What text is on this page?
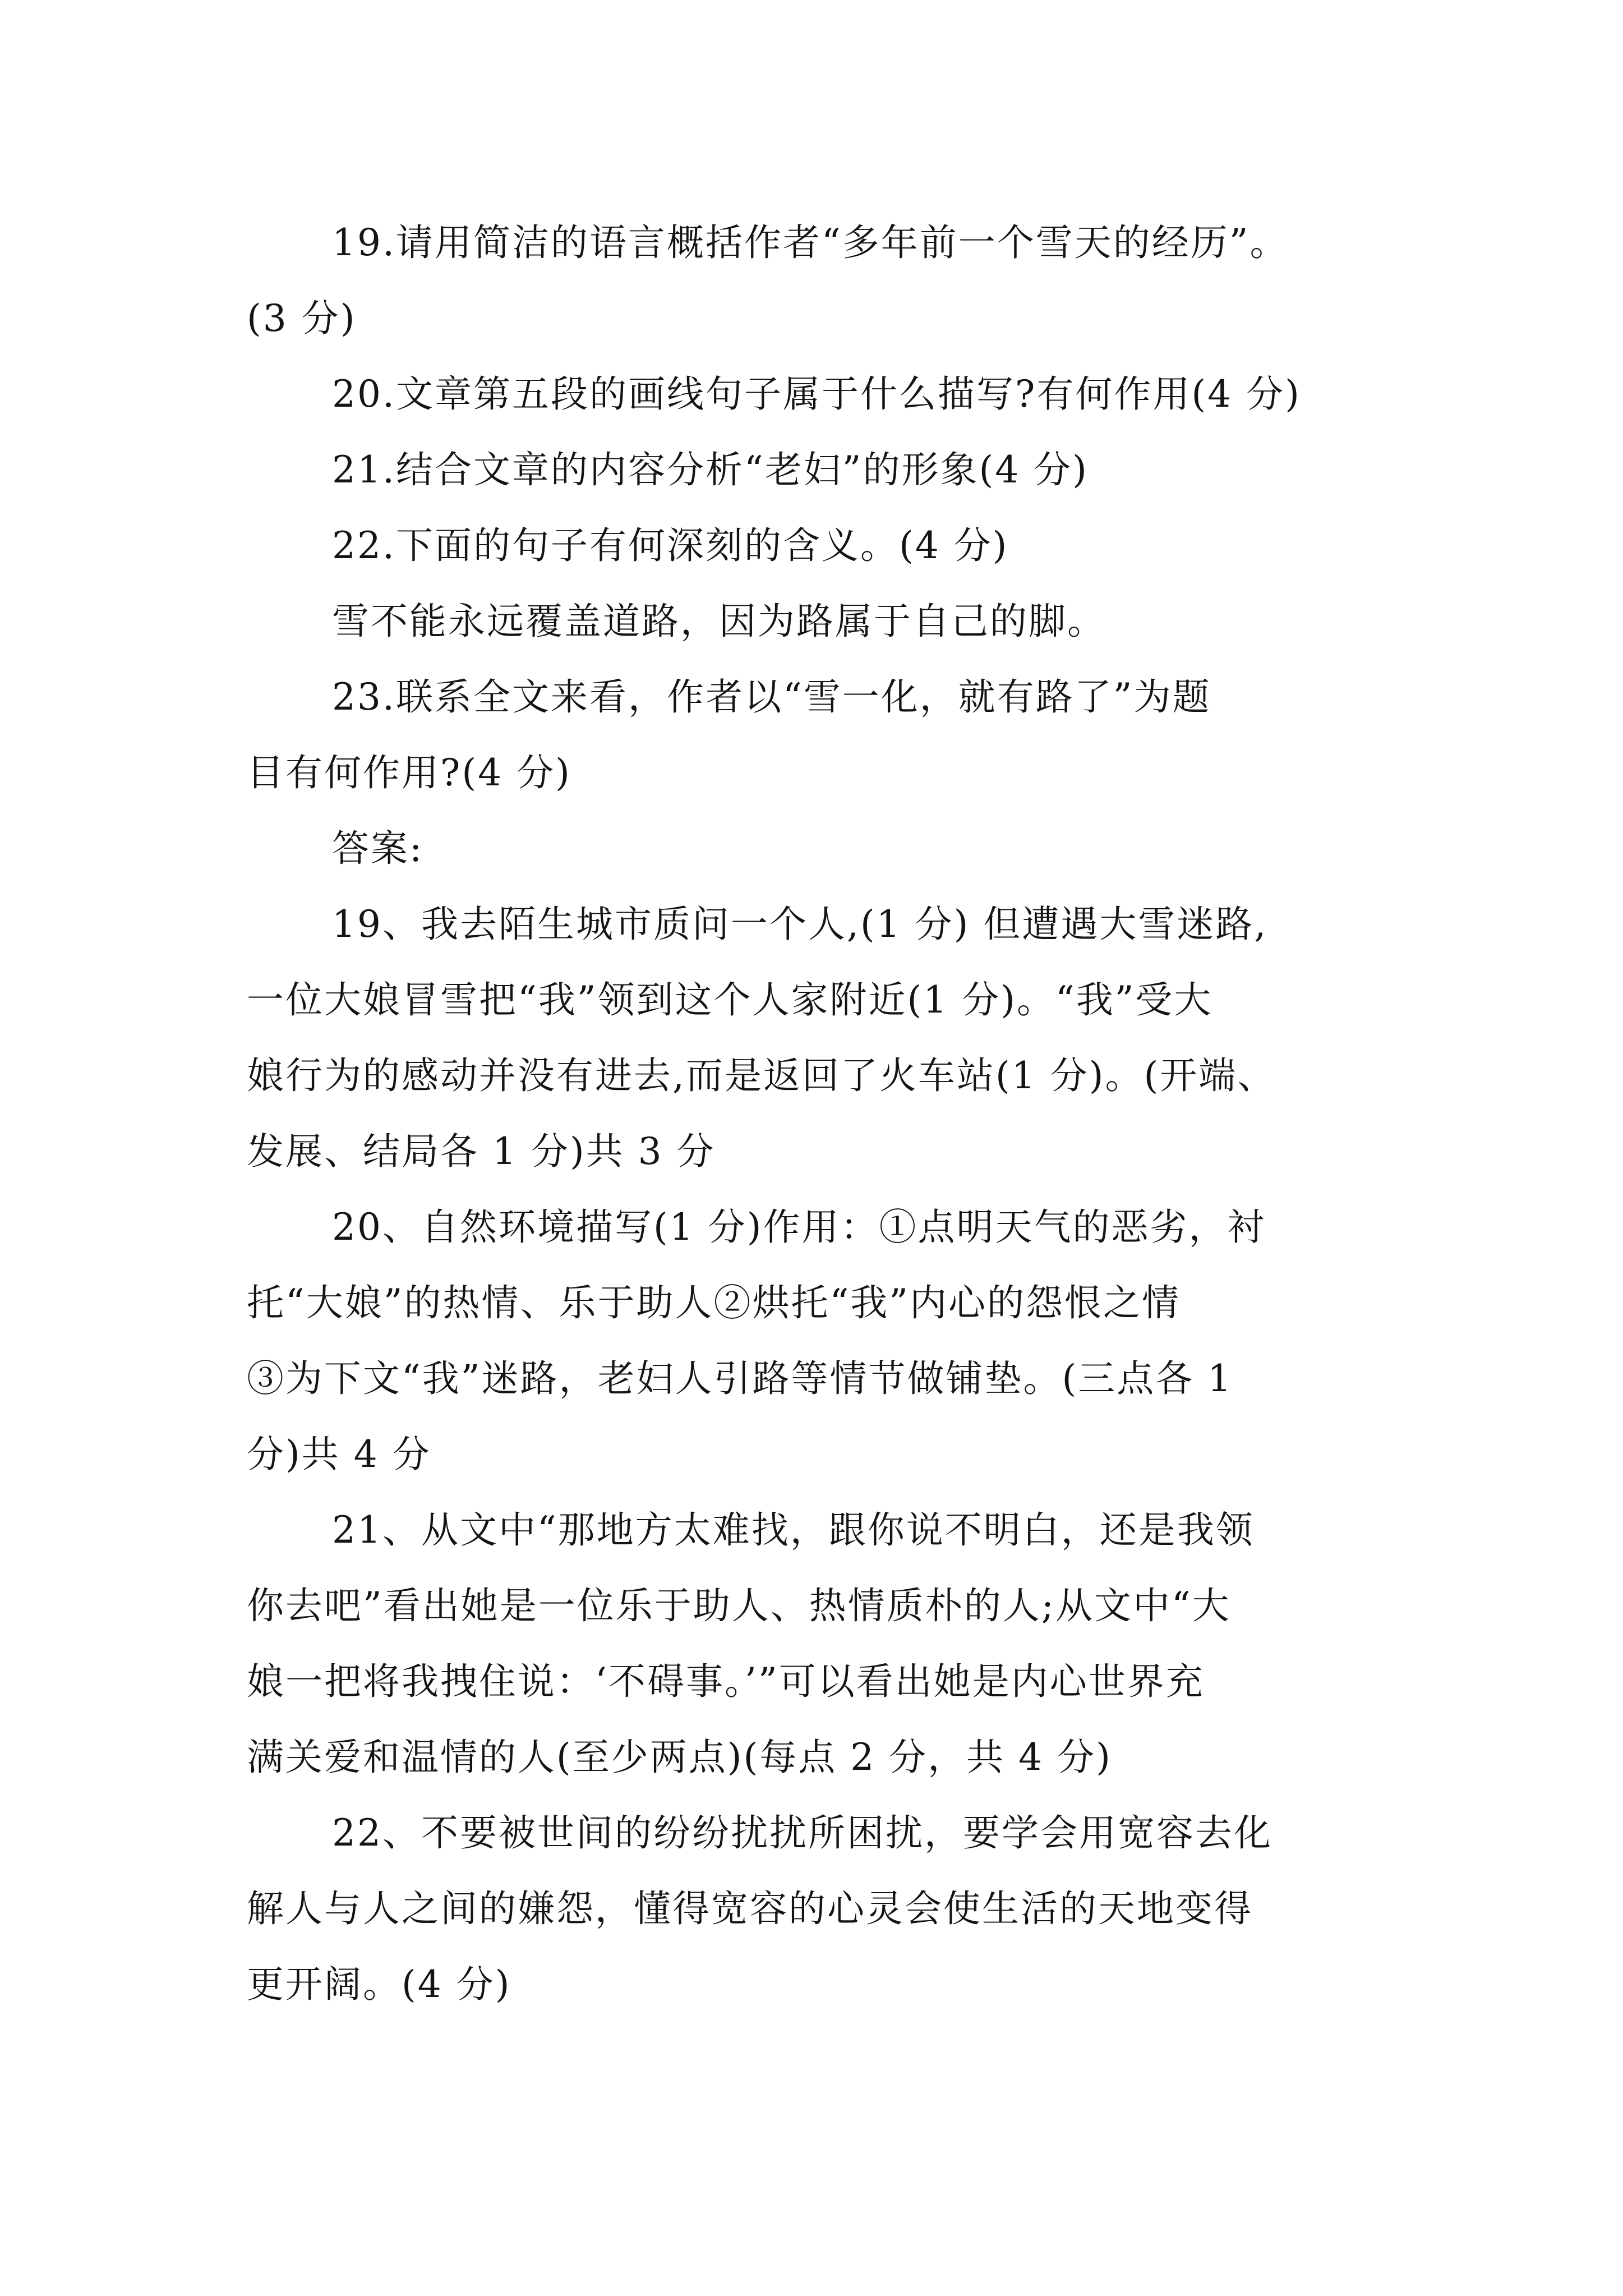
19.请用简洁的语言概括作者“多年前一个雪天的经历”。
(3 分)
20.文章第五段的画线句子属于什么描写?有何作用(4 分)
21.结合文章的内容分析“老妇”的形象(4 分)
22.下面的句子有何深刻的含义。(4 分)
雪不能永远覆盖道路，因为路属于自己的脚。
23.联系全文来看，作者以“雪一化，就有路了”为题
目有何作用?(4 分)
答案:
19、我去陌生城市质问一个人,(1 分) 但遭遇大雪迷路,
一位大娘冒雪把“我”领到这个人家附近(1 分)。“我”受大
娘行为的感动并没有进去,而是返回了火车站(1 分)。(开端、
发展、结局各 1 分)共 3 分
20、自然环境描写(1 分)作用：①点明天气的恶劣，衬
托“大娘”的热情、乐于助人②烘托“我”内心的怨恨之情
③为下文“我”迷路，老妇人引路等情节做铺垫。(三点各 1
分)共 4 分
21、从文中“那地方太难找，跟你说不明白，还是我领
你去吧”看出她是一位乐于助人、热情质朴的人;从文中“大
娘一把将我拽住说：‘不碍事。’”可以看出她是内心世界充
满关爱和温情的人(至少两点)(每点 2 分，共 4 分)
22、不要被世间的纷纷扰扰所困扰，要学会用宽容去化
解人与人之间的嫌怨，懂得宽容的心灵会使生活的天地变得
更开阔。(4 分)
